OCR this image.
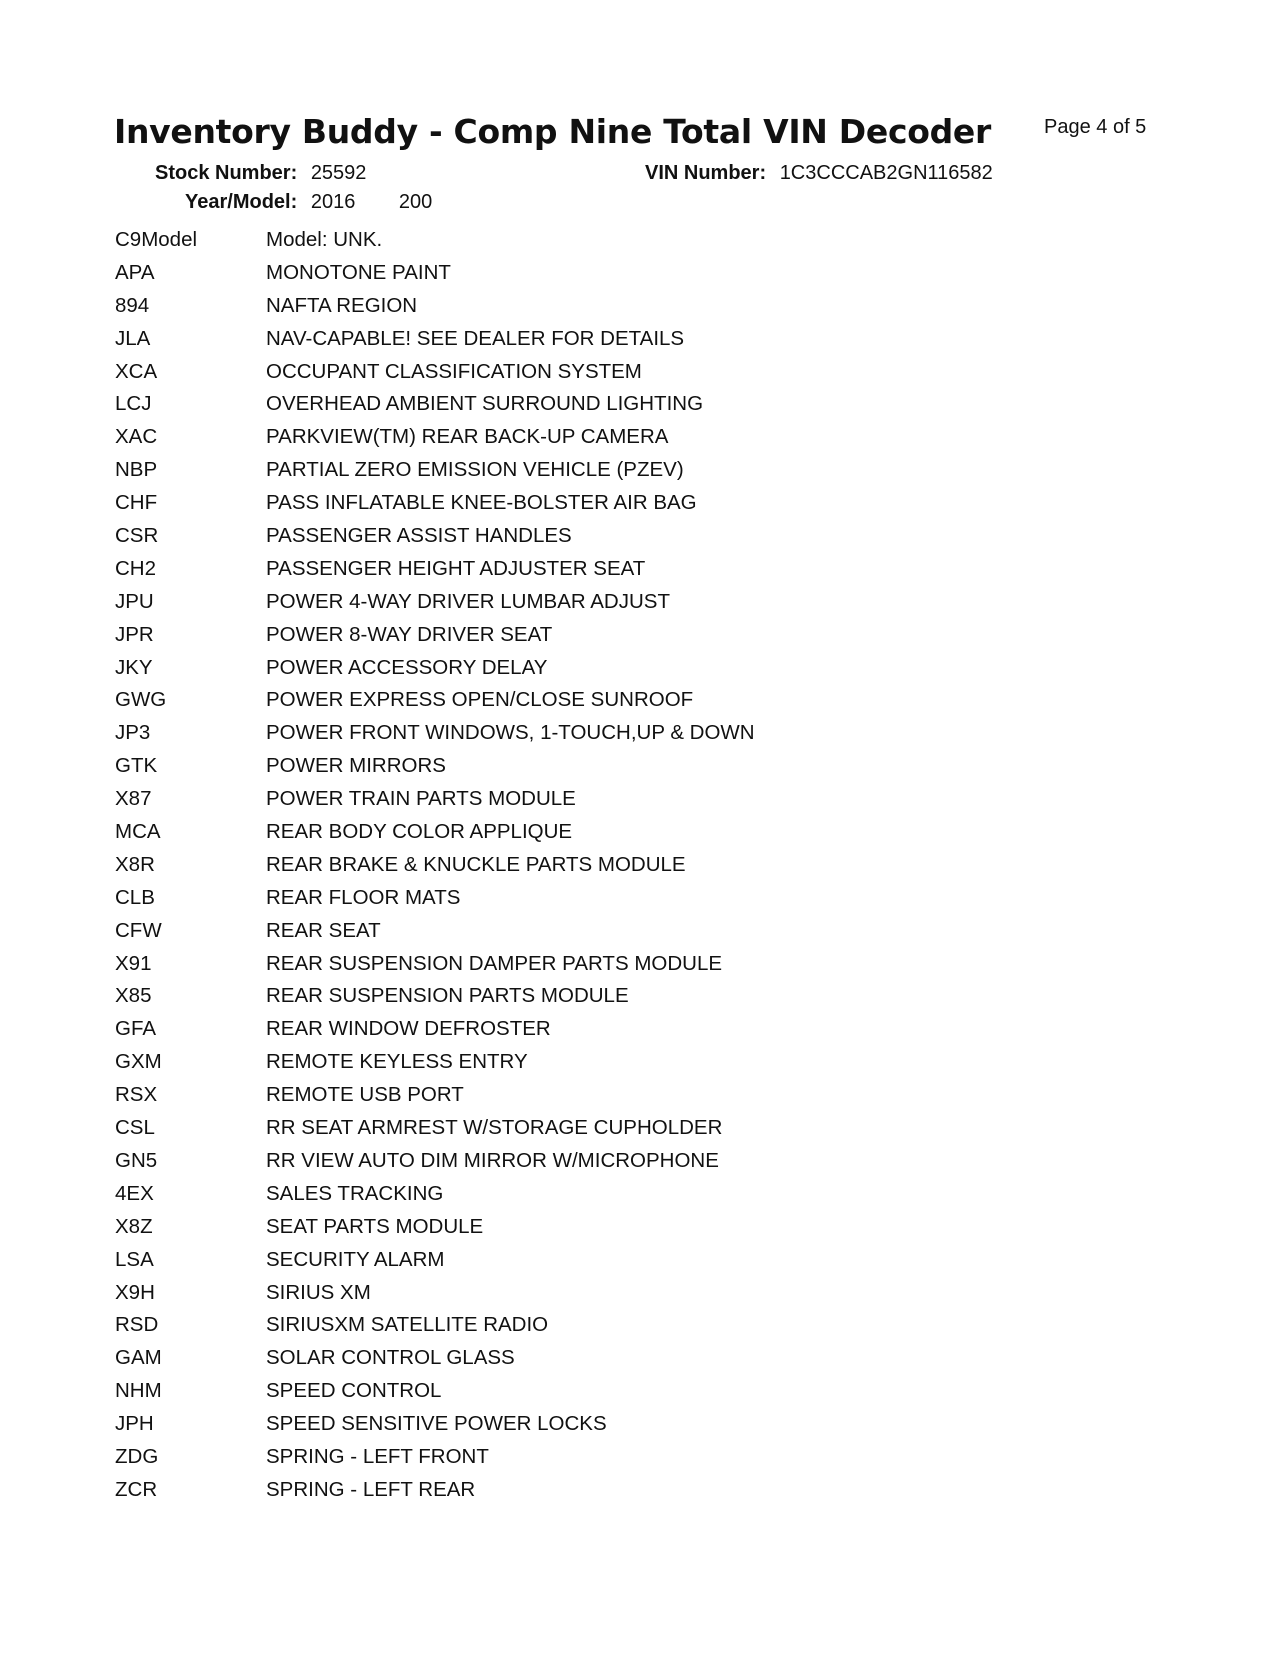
Inventory Buddy - Comp Nine Total VIN Decoder	Page 4 of 5
Stock Number: 25592
Year/Model: 2016 200
VIN Number: 1C3CCCAB2GN116582
C9Model	Model: UNK.
APA	MONOTONE PAINT
894	NAFTA REGION
JLA	NAV-CAPABLE! SEE DEALER FOR DETAILS
XCA	OCCUPANT CLASSIFICATION SYSTEM
LCJ	OVERHEAD AMBIENT SURROUND LIGHTING
XAC	PARKVIEW(TM) REAR BACK-UP CAMERA
NBP	PARTIAL ZERO EMISSION VEHICLE (PZEV)
CHF	PASS INFLATABLE KNEE-BOLSTER AIR BAG
CSR	PASSENGER ASSIST HANDLES
CH2	PASSENGER HEIGHT ADJUSTER SEAT
JPU	POWER 4-WAY DRIVER LUMBAR ADJUST
JPR	POWER 8-WAY DRIVER SEAT
JKY	POWER ACCESSORY DELAY
GWG	POWER EXPRESS OPEN/CLOSE SUNROOF
JP3	POWER FRONT WINDOWS, 1-TOUCH,UP & DOWN
GTK	POWER MIRRORS
X87	POWER TRAIN PARTS MODULE
MCA	REAR BODY COLOR APPLIQUE
X8R	REAR BRAKE & KNUCKLE PARTS MODULE
CLB	REAR FLOOR MATS
CFW	REAR SEAT
X91	REAR SUSPENSION DAMPER PARTS MODULE
X85	REAR SUSPENSION PARTS MODULE
GFA	REAR WINDOW DEFROSTER
GXM	REMOTE KEYLESS ENTRY
RSX	REMOTE USB PORT
CSL	RR SEAT ARMREST W/STORAGE CUPHOLDER
GN5	RR VIEW AUTO DIM MIRROR W/MICROPHONE
4EX	SALES TRACKING
X8Z	SEAT PARTS MODULE
LSA	SECURITY ALARM
X9H	SIRIUS XM
RSD	SIRIUSXM SATELLITE RADIO
GAM	SOLAR CONTROL GLASS
NHM	SPEED CONTROL
JPH	SPEED SENSITIVE POWER LOCKS
ZDG	SPRING - LEFT FRONT
ZCR	SPRING - LEFT REAR
